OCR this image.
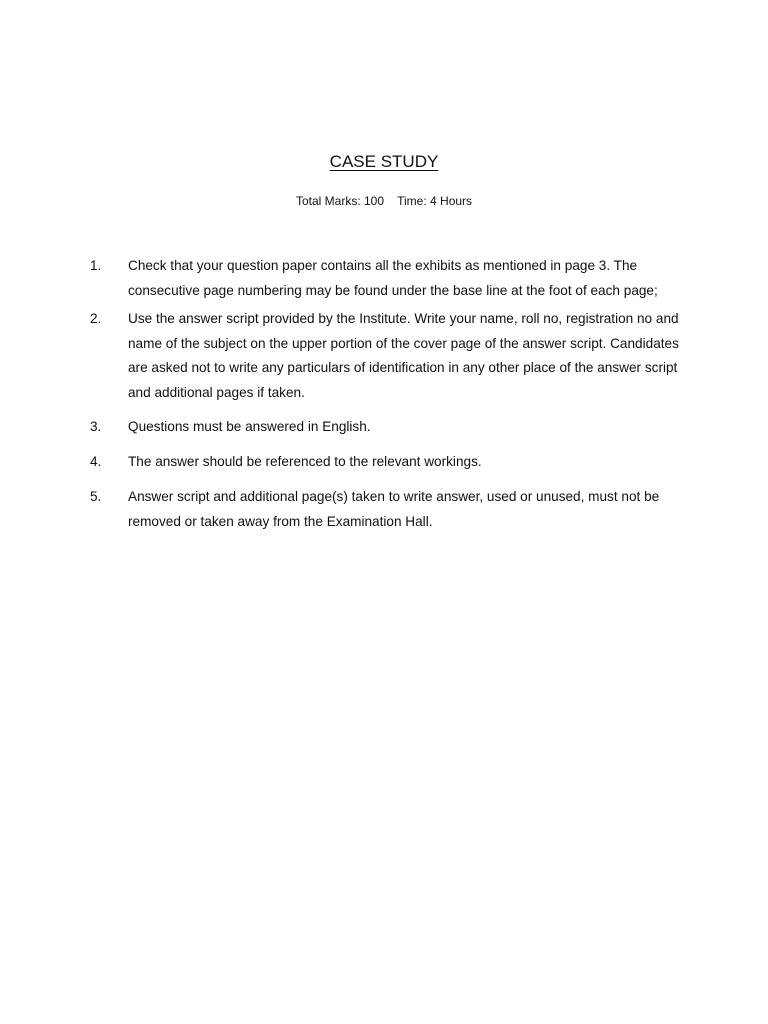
CASE STUDY
Total Marks: 100    Time: 4 Hours
1.	Check that your question paper contains all the exhibits as mentioned in page 3. The consecutive page numbering may be found under the base line at the foot of each page;
2.	Use the answer script provided by the Institute. Write your name, roll no, registration no and name of the subject on the upper portion of the cover page of the answer script. Candidates are asked not to write any particulars of identification in any other place of the answer script and additional pages if taken.
3.	Questions must be answered in English.
4.	The answer should be referenced to the relevant workings.
5.	Answer script and additional page(s) taken to write answer, used or unused, must not be removed or taken away from the Examination Hall.
